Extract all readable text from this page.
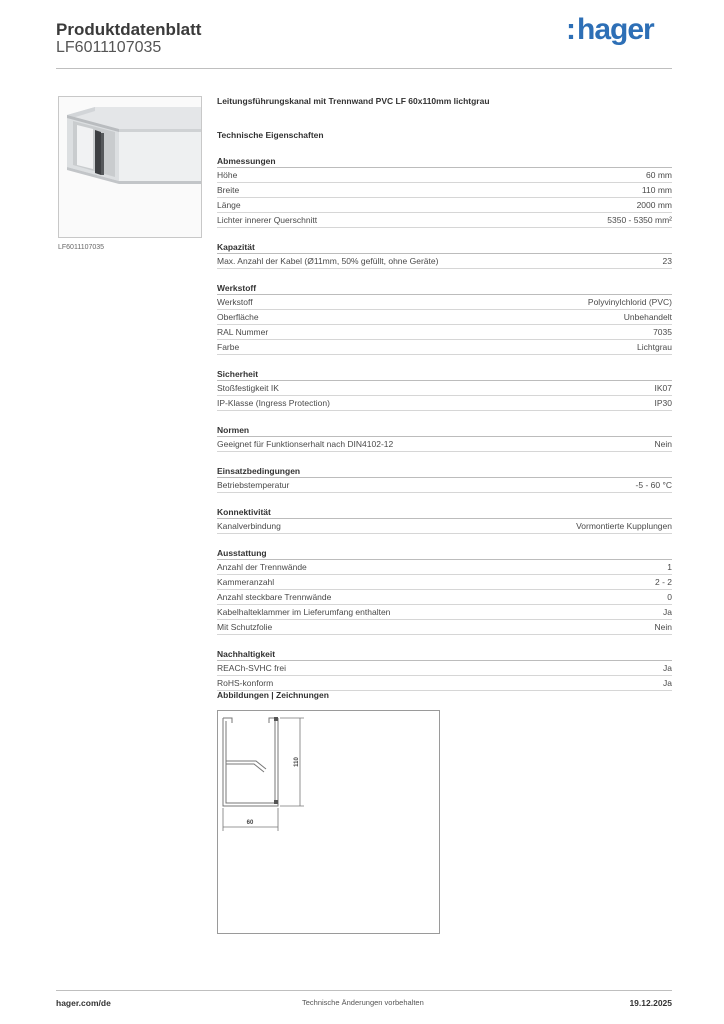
Produktdatenblatt
LF6011107035
:hager
LF6011107035
Leitungsführungskanal mit Trennwand PVC LF 60x110mm lichtgrau
Technische Eigenschaften
Abmessungen
Höhe	60 mm
Breite	110 mm
Länge	2000 mm
Lichter innerer Querschnitt	5350 - 5350 mm²
Kapazität
Max. Anzahl der Kabel (Ø11mm, 50% gefüllt, ohne Geräte)	23
Werkstoff
Werkstoff	Polyvinylchlorid (PVC)
Oberfläche	Unbehandelt
RAL Nummer	7035
Farbe	Lichtgrau
Sicherheit
Stoßfestigkeit IK	IK07
IP-Klasse (Ingress Protection)	IP30
Normen
Geeignet für Funktionserhalt nach DIN4102-12	Nein
Einsatzbedingungen
Betriebstemperatur	-5 - 60 °C
Konnektivität
Kanalverbindung	Vormontierte Kupplungen
Ausstattung
Anzahl der Trennwände	1
Kammeranzahl	2 - 2
Anzahl steckbare Trennwände	0
Kabelhalteklammer im Lieferumfang enthalten	Ja
Mit Schutzfolie	Nein
Nachhaltigkeit
REACh-SVHC frei	Ja
RoHS-konform	Ja
Abbildungen | Zeichnungen
110
60
hager.com/de	Technische Änderungen vorbehalten	19.12.2025
